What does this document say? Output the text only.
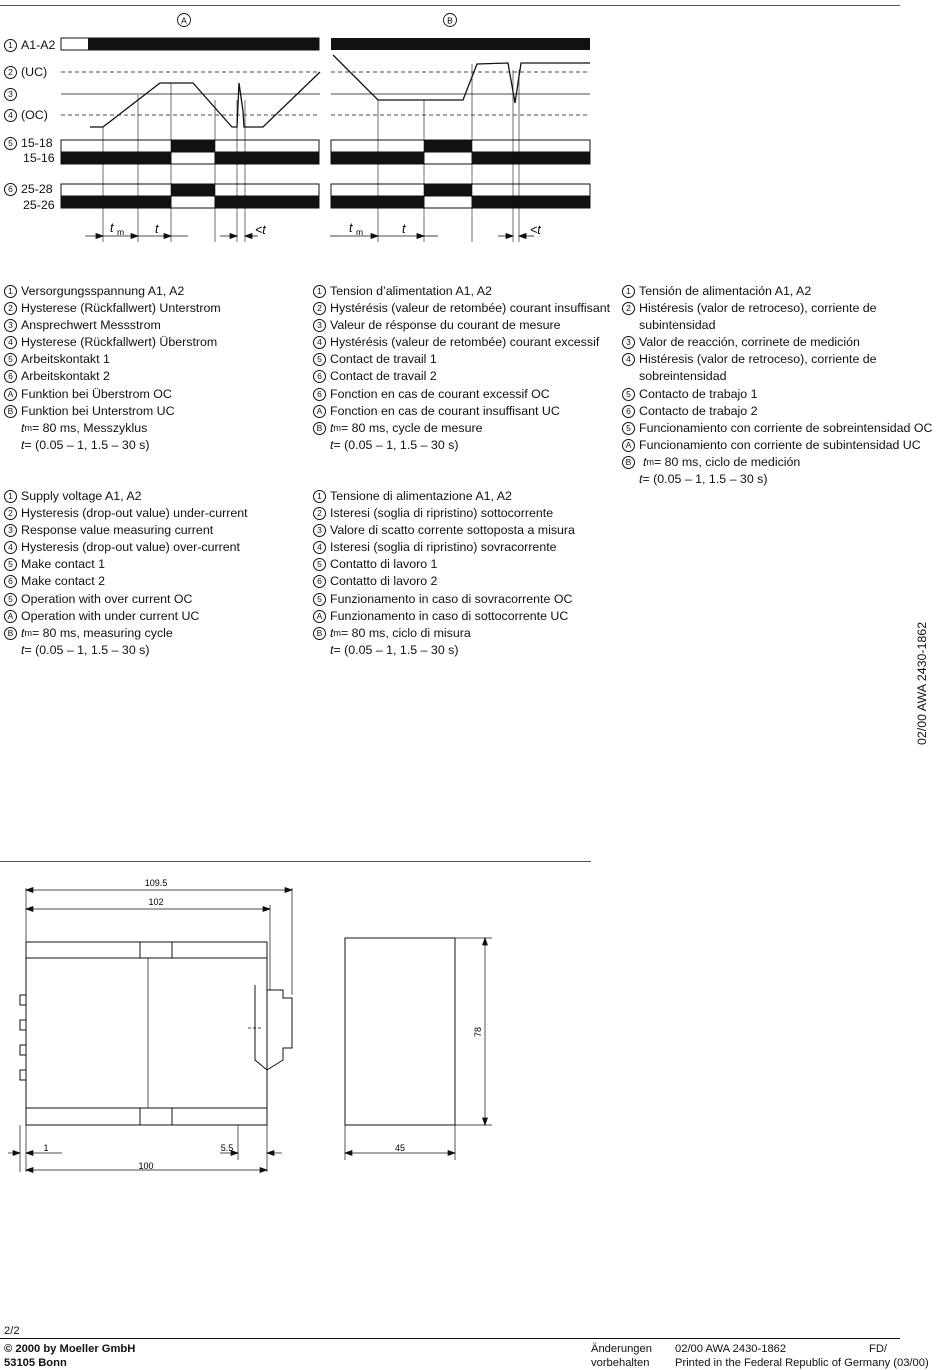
A	B
t m t	<t	t m	t	<t
1 A1-A2
2 (UC)
3
4 (OC)
5 15-18
15-16
6 25-28
25-26
1 Versorgungsspannung A1, A2
2 Hysterese (Rückfallwert) Unterstrom
3 Ansprechwert Messstrom
4 Hysterese (Rückfallwert) Überstrom
5 Arbeitskontakt 1
6 Arbeitskontakt 2
A Funktion bei Überstrom OC
B Funktion bei Unterstrom UC
t m = 80 ms, Messzyklus
t = (0.05 – 1, 1.5 – 30 s)
1 Supply voltage A1, A2
2 Hysteresis (drop-out value) under-current
3 Response value measuring current
4 Hysteresis (drop-out value) over-current
5 Make contact 1
6 Make contact 2
5 Operation with over current OC
A Operation with under current UC
B t m = 80 ms, measuring cycle
t = (0.05 – 1, 1.5 – 30 s)
1 Tension d’alimentation A1, A2
2 Hystérésis (valeur de retombée) courant insuffisant
3 Valeur de résponse du courant de mesure
4 Hystérésis (valeur de retombée) courant excessif
5 Contact de travail 1
6 Contact de travail 2
6 Fonction en cas de courant excessif OC
A Fonction en cas de courant insuffisant UC
B t m = 80 ms, cycle de mesure
t = (0.05 – 1, 1.5 – 30 s)
1 Tensione di alimentazione A1, A2
2 Isteresi (soglia di ripristino) sottocorrente
3 Valore di scatto corrente sottoposta a misura
4 Isteresi (soglia di ripristino) sovracorrente
5 Contatto di lavoro 1
6 Contatto di lavoro 2
5 Funzionamento in caso di sovracorrente OC
A Funzionamento in caso di sottocorrente UC
B t m = 80 ms, ciclo di misura
t = (0.05 – 1, 1.5 – 30 s)
1 Tensión de alimentación A1, A2
2 Histéresis (valor de retroceso), corriente de subintensidad
3 Valor de reacción, corrinete de medición
4 Histéresis (valor de retroceso), corriente de sobreintensidad
5 Contacto de trabajo 1
6 Contacto de trabajo 2
5 Funcionamiento con corriente de sobreintensidad OC
A Funcionamiento con corriente de subintensidad UC
B t m = 80 ms, ciclo de medición
t = (0.05 – 1, 1.5 – 30 s)
02/00 AWA 2430-1862
109.5
102
1	5.5
100
45
78
2/2
© 2000 by Moeller GmbH
53105 Bonn
Änderungen
vorbehalten
02/00 AWA 2430-1862	FD/
Printed in the Federal Republic of Germany (03/00)
